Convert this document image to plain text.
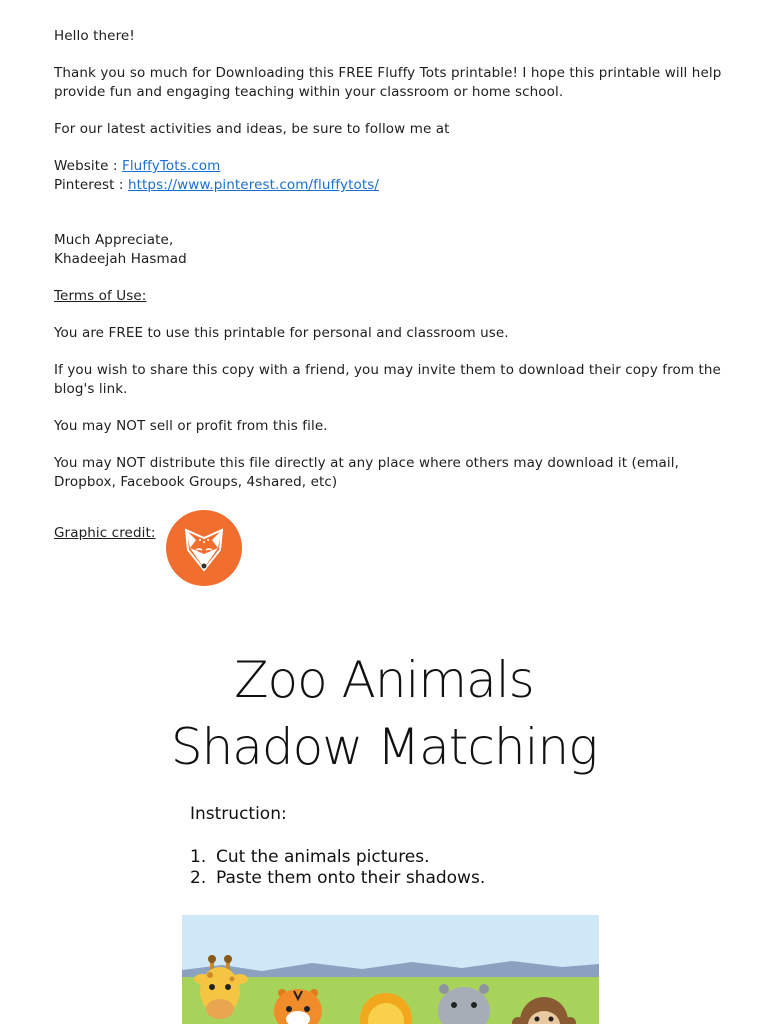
Hello there!

Thank you so much for Downloading this FREE Fluffy Tots printable! I hope this printable will help provide fun and engaging teaching within your classroom or home school.

For our latest activities and ideas, be sure to follow me at

Website : FluffyTots.com

Pinterest : https://www.pinterest.com/fluffytots/

Much Appreciate,

Khadeejah Hasmad

Terms of Use:

You are FREE to use this printable for personal and classroom use.

If you wish to share this copy with a friend, you may invite them to download their copy from the blog's link.

You may NOT sell or profit from this file.

You may NOT distribute this file directly at any place where others may download it (email, Dropbox, Facebook Groups, 4shared, etc)

Graphic credit:
Zoo Animals
Shadow Matching
Instruction:
1. Cut the animals pictures.
2. Paste them onto their shadows.
